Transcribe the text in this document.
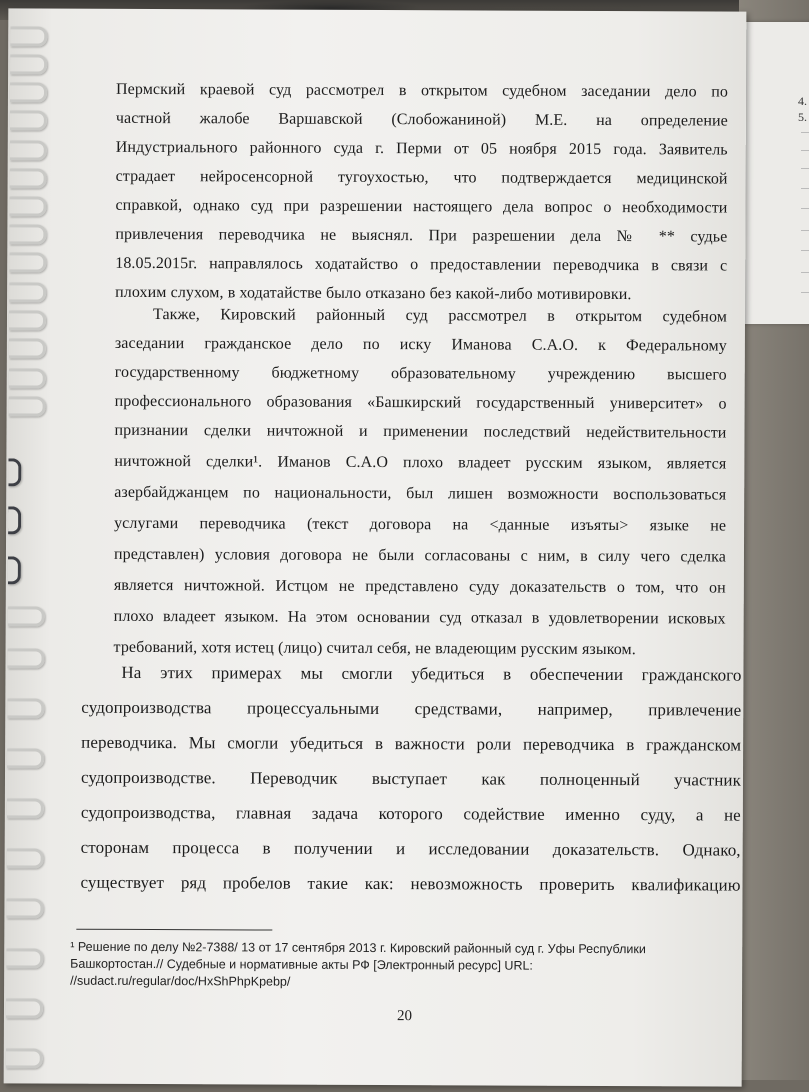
4.
5.
Пермский краевой суд рассмотрел в открытом судебном заседании дело по
частной жалобе Варшавской (Слобожаниной) М.Е. на определение
Индустриального районного суда г. Перми от 05 ноября 2015 года. Заявитель
страдает нейросенсорной тугоухостью, что подтверждается медицинской
справкой, однако суд при разрешении настоящего дела вопрос о необходимости
привлечения переводчика не выяснял. При разрешении дела № ** судье
18.05.2015г. направлялось ходатайство о предоставлении переводчика в связи с
плохим слухом, в ходатайстве было отказано без какой-либо мотивировки.
Также, Кировский районный суд рассмотрел в открытом судебном
заседании гражданское дело по иску Иманова С.А.О. к Федеральному
государственному бюджетному образовательному учреждению высшего
профессионального образования «Башкирский государственный университет» о
признании сделки ничтожной и применении последствий недействительности
ничтожной сделки¹. Иманов С.А.О плохо владеет русским языком, является
азербайджанцем по национальности, был лишен возможности воспользоваться
услугами переводчика (текст договора на <данные изъяты> языке не
представлен) условия договора не были согласованы с ним, в силу чего сделка
является ничтожной. Истцом не представлено суду доказательств о том, что он
плохо владеет языком. На этом основании суд отказал в удовлетворении исковых
требований, хотя истец (лицо) считал себя, не владеющим русским языком.
На этих примерах мы смогли убедиться в обеспечении гражданского
судопроизводства процессуальными средствами, например, привлечение
переводчика. Мы смогли убедиться в важности роли переводчика в гражданском
судопроизводстве. Переводчик выступает как полноценный участник
судопроизводства, главная задача которого содействие именно суду, а не
сторонам процесса в получении и исследовании доказательств. Однако,
существует ряд пробелов такие как: невозможность проверить квалификацию
¹ Решение по делу №2-7388/ 13 от 17 сентября 2013 г. Кировский районный суд г. Уфы Республики
Башкортостан.// Судебные и нормативные акты РФ [Электронный ресурс] URL:
//sudact.ru/regular/doc/HxShPhpKpebp/
20
